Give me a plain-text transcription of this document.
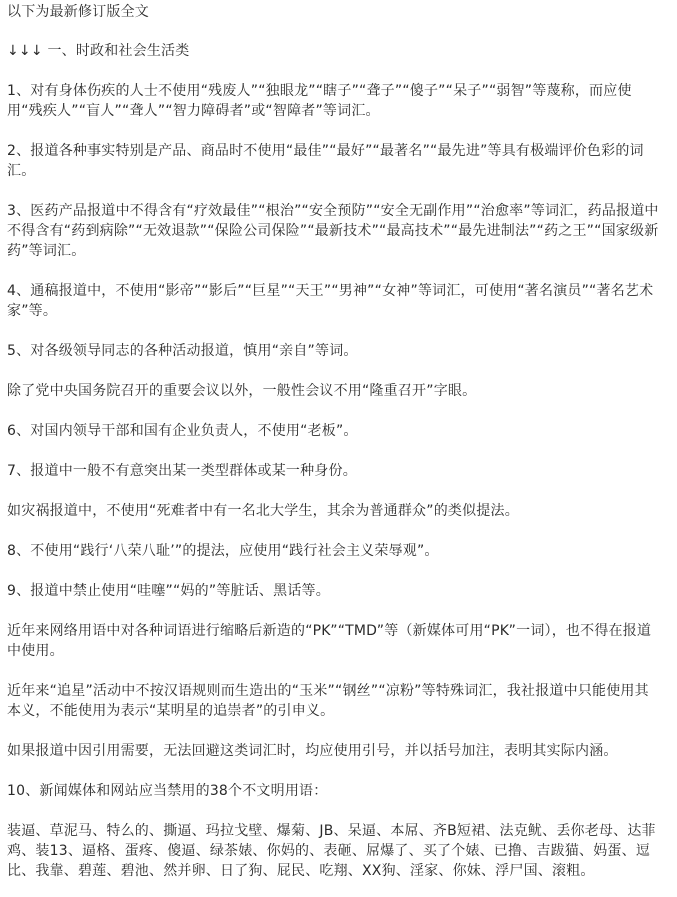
以下为最新修订版全文

↓↓↓ 一、时政和社会生活类

1、对有身体伤疾的人士不使用“残废人”“独眼龙”“瞎子”“聋子”“傻子”“呆子”“弱智”等蔑称，而应使用“残疾人”“盲人”“聋人”“智力障碍者”或“智障者”等词汇。

2、报道各种事实特别是产品、商品时不使用“最佳”“最好”“最著名”“最先进”等具有极端评价色彩的词汇。

3、医药产品报道中不得含有“疗效最佳”“根治”“安全预防”“安全无副作用”“治愈率”等词汇，药品报道中不得含有“药到病除”“无效退款”“保险公司保险”“最新技术”“最高技术”“最先进制法”“药之王”“国家级新药”等词汇。

4、通稿报道中，不使用“影帝”“影后”“巨星”“天王”“男神”“女神”等词汇，可使用“著名演员”“著名艺术家”等。

5、对各级领导同志的各种活动报道，慎用“亲自”等词。

除了党中央国务院召开的重要会议以外，一般性会议不用“隆重召开”字眼。

6、对国内领导干部和国有企业负责人，不使用“老板”。

7、报道中一般不有意突出某一类型群体或某一种身份。

如灾祸报道中，不使用“死难者中有一名北大学生，其余为普通群众”的类似提法。

8、不使用“践行‘八荣八耻’”的提法，应使用“践行社会主义荣辱观”。

9、报道中禁止使用“哇噻”“妈的”等脏话、黑话等。

近年来网络用语中对各种词语进行缩略后新造的“PK”“TMD”等（新媒体可用“PK”一词），也不得在报道中使用。

近年来“追星”活动中不按汉语规则而生造出的“玉米”“钢丝”“凉粉”等特殊词汇，我社报道中只能使用其本义，不能使用为表示“某明星的追崇者”的引申义。

如果报道中因引用需要，无法回避这类词汇时，均应使用引号，并以括号加注，表明其实际内涵。

10、新闻媒体和网站应当禁用的38个不文明用语：

装逼、草泥马、特么的、撕逼、玛拉戈壁、爆菊、JB、呆逼、本屌、齐B短裙、法克鱿、丢你老母、达菲鸡、装13、逼格、蛋疼、傻逼、绿茶婊、你妈的、表砸、屌爆了、买了个婊、已撸、吉跋猫、妈蛋、逗比、我靠、碧莲、碧池、然并卵、日了狗、屁民、吃翔、XX狗、淫家、你妹、浮尸国、滚粗。
